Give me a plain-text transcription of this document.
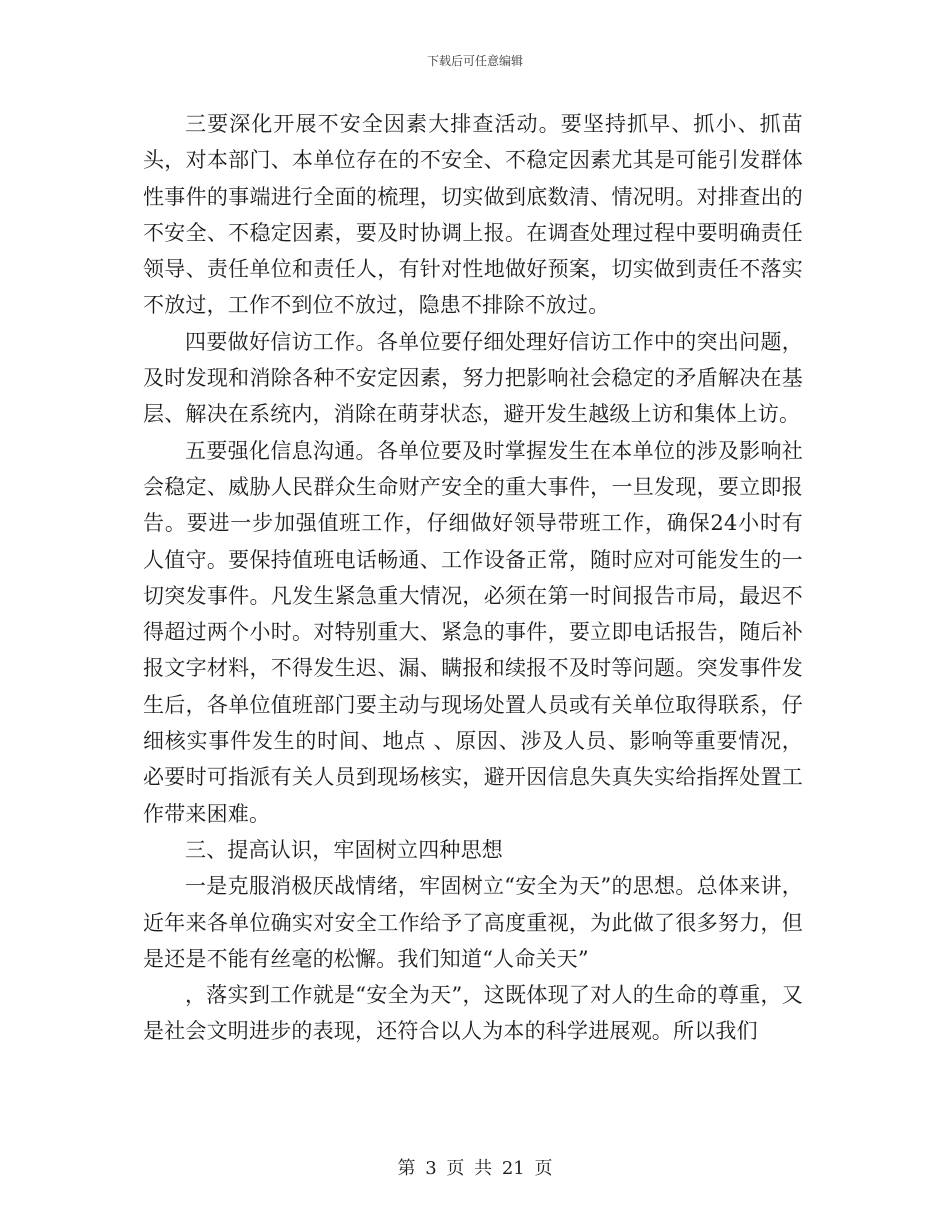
下载后可任意编辑

三要深化开展不安全因素大排查活动。要坚持抓早、抓小、抓苗头，对本部门、本单位存在的不安全、不稳定因素尤其是可能引发群体性事件的事端进行全面的梳理，切实做到底数清、情况明。对排查出的不安全、不稳定因素，要及时协调上报。在调查处理过程中要明确责任领导、责任单位和责任人，有针对性地做好预案，切实做到责任不落实不放过，工作不到位不放过，隐患不排除不放过。

四要做好信访工作。各单位要仔细处理好信访工作中的突出问题，及时发现和消除各种不安定因素，努力把影响社会稳定的矛盾解决在基层、解决在系统内，消除在萌芽状态，避开发生越级上访和集体上访。

五要强化信息沟通。各单位要及时掌握发生在本单位的涉及影响社会稳定、威胁人民群众生命财产安全的重大事件，一旦发现，要立即报告。要进一步加强值班工作，仔细做好领导带班工作，确保24小时有人值守。要保持值班电话畅通、工作设备正常，随时应对可能发生的一切突发事件。凡发生紧急重大情况，必须在第一时间报告市局，最迟不得超过两个小时。对特别重大、紧急的事件，要立即电话报告，随后补报文字材料，不得发生迟、漏、瞒报和续报不及时等问题。突发事件发生后，各单位值班部门要主动与现场处置人员或有关单位取得联系，仔细核实事件发生的时间、地点 、原因、涉及人员、影响等重要情况，必要时可指派有关人员到现场核实，避开因信息失真失实给指挥处置工作带来困难。

三、提高认识，牢固树立四种思想

一是克服消极厌战情绪，牢固树立“安全为天”的思想。总体来讲，近年来各单位确实对安全工作给予了高度重视，为此做了很多努力，但是还是不能有丝毫的松懈。我们知道“人命关天”

，落实到工作就是“安全为天”，这既体现了对人的生命的尊重，又是社会文明进步的表现，还符合以人为本的科学进展观。所以我们

第 3 页 共 21 页
